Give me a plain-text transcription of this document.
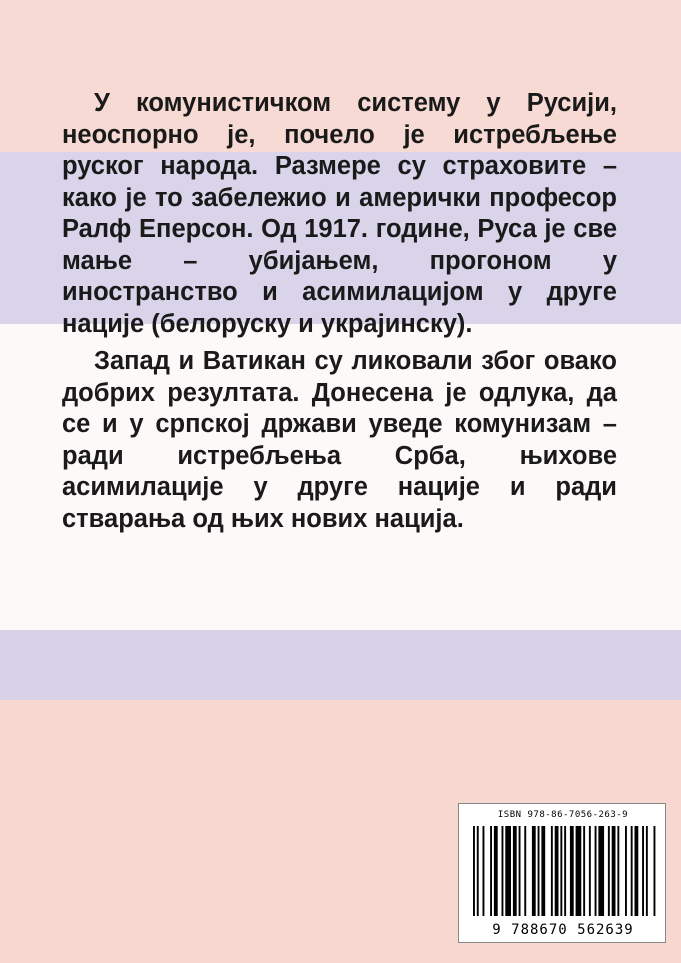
У комунистичком систему у Русији, неоспорно је, почело је истребљење руског народа. Размере су страховите – како је то забележио и амерички професор Ралф Еперсон. Од 1917. године, Руса је све мање – убијањем, прогоном у иностранство и асимилацијом у друге нације (белоруску и украјинску).

Запад и Ватикан су ликовали због овако добрих резултата. Донесена је одлука, да се и у српској држави уведе комунизам – ради истребљења Срба, њихове асимилације у друге нације и ради стварања од њих нових нација.

ISBN 978-86-7056-263-9
9 788670 562639
